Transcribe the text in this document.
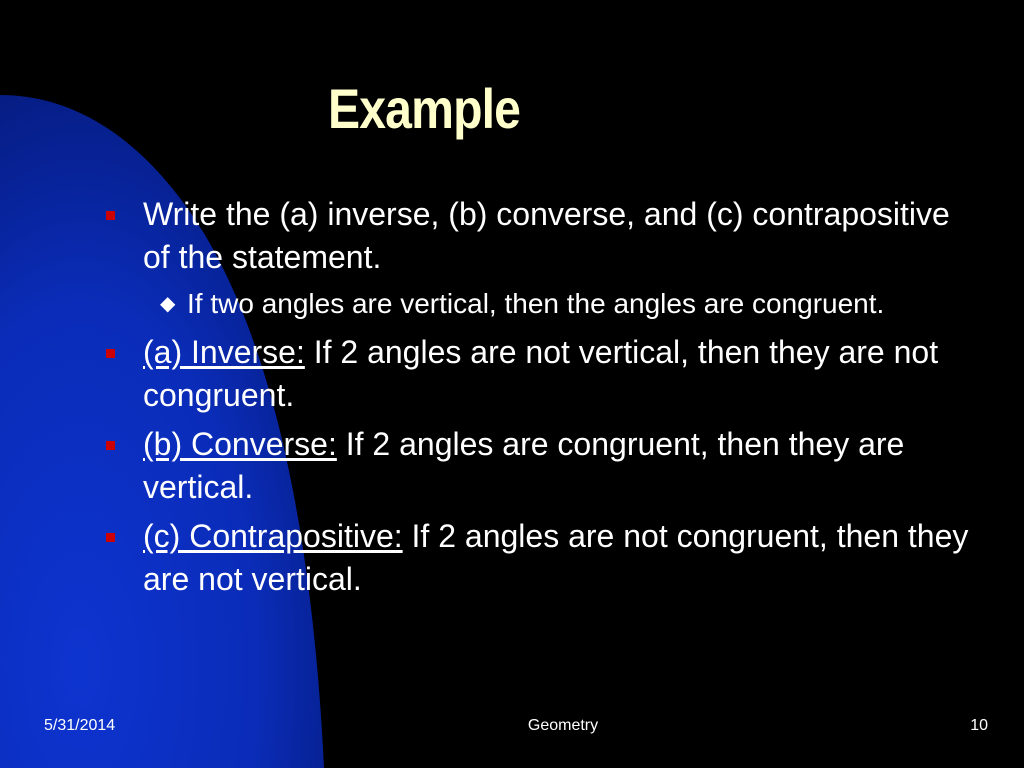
Example
Write the (a) inverse, (b) converse, and (c) contrapositive of the statement.
◆ If two angles are vertical, then the angles are congruent.
(a) Inverse: If 2 angles are not vertical, then they are not congruent.
(b) Converse: If 2 angles are congruent, then they are vertical.
(c) Contrapositive: If 2 angles are not congruent, then they are not vertical.
5/31/2014	Geometry	10
